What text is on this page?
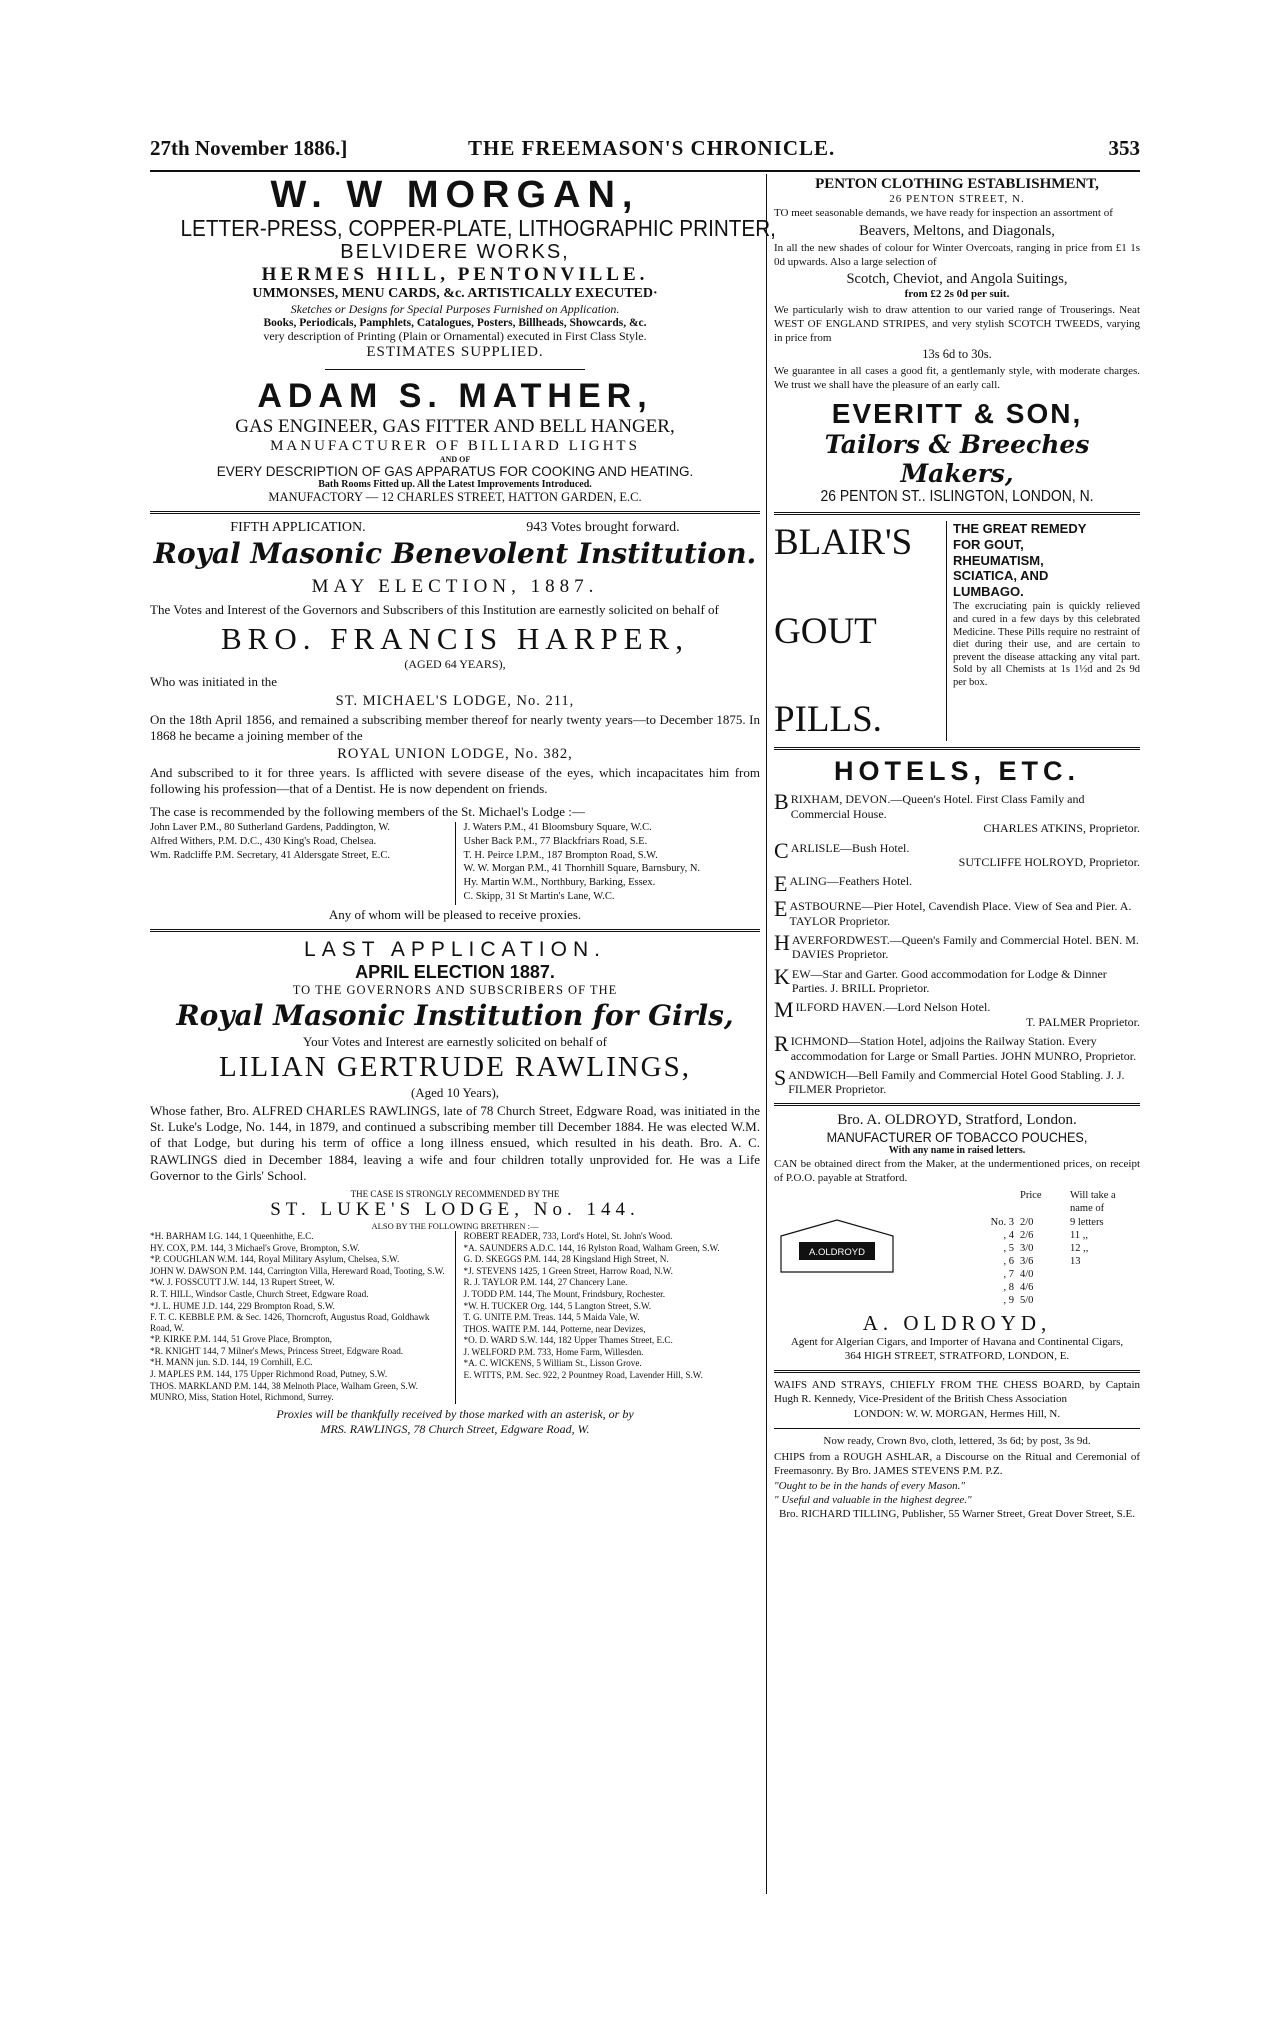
27th November 1886.]	THE FREEMASON'S CHRONICLE.	353
W. W MORGAN,
LETTER-PRESS, COPPER-PLATE, LITHOGRAPHIC PRINTER,
BELVIDERE WORKS,
HERMES HILL, PENTONVILLE.
UMMONSES, MENU CARDS, &c. ARTISTICALLY EXECUTED·
Sketches or Designs for Special Purposes Furnished on Application.
Books, Periodicals, Pamphlets, Catalogues, Posters, Billheads, Showcards, &c.
very description of Printing (Plain or Ornamental) executed in First Class Style.
ESTIMATES SUPPLIED.
ADAM S. MATHER,
GAS ENGINEER, GAS FITTER AND BELL HANGER,
MANUFACTURER OF BILLIARD LIGHTS
AND OF
EVERY DESCRIPTION OF GAS APPARATUS FOR COOKING AND HEATING.
Bath Rooms Fitted up. All the Latest Improvements Introduced.
MANUFACTORY — 12 CHARLES STREET, HATTON GARDEN, E.C.
FIFTH APPLICATION.	943 Votes brought forward.
Royal Masonic Benevolent Institution.
MAY ELECTION, 1887.
The Votes and Interest of the Governors and Subscribers of this Institution are earnestly solicited on behalf of
BRO. FRANCIS HARPER,
(AGED 64 YEARS),
Who was initiated in the
ST. MICHAEL'S LODGE, No. 211,
On the 18th April 1856, and remained a subscribing member thereof for nearly twenty years—to December 1875. In 1868 he became a joining member of the
ROYAL UNION LODGE, No. 382,
And subscribed to it for three years. Is afflicted with severe disease of the eyes, which incapacitates him from following his profession—that of a Dentist. He is now dependent on friends.
The case is recommended by the following members of the St. Michael's Lodge :—
John Laver P.M., 80 Sutherland Gardens, Paddington, W.
Alfred Withers, P.M. D.C., 430 King's Road, Chelsea.
Wm. Radcliffe P.M. Secretary, 41 Aldersgate Street, E.C.
J. Waters P.M., 41 Bloomsbury Square, W.C.
Usher Back P.M., 77 Blackfriars Road, S.E.
T. H. Peirce I.P.M., 187 Brompton Road, S.W.
W. W. Morgan P.M., 41 Thornhill Square, Barnsbury, N.
Hy. Martin W.M., Northbury, Barking, Essex.
C. Skipp, 31 St Martin's Lane, W.C.
Any of whom will be pleased to receive proxies.
LAST APPLICATION.
APRIL ELECTION 1887.
TO THE GOVERNORS AND SUBSCRIBERS OF THE
Royal Masonic Institution for Girls,
Your Votes and Interest are earnestly solicited on behalf of
LILIAN GERTRUDE RAWLINGS,
(Aged 10 Years),
Whose father, Bro. ALFRED CHARLES RAWLINGS, late of 78 Church Street, Edgware Road, was initiated in the St. Luke's Lodge, No. 144, in 1879, and continued a subscribing member till December 1884. He was elected W.M. of that Lodge, but during his term of office a long illness ensued, which resulted in his death. Bro. A. C. RAWLINGS died in December 1884, leaving a wife and four children totally unprovided for. He was a Life Governor to the Girls' School.
THE CASE IS STRONGLY RECOMMENDED BY THE
ST. LUKE'S LODGE, No. 144.
ALSO BY THE FOLLOWING BRETHREN :—
*H. BARHAM I.G. 144, 1 Queenhithe, E.C.
HY. COX, P.M. 144, 3 Michael's Grove, Brompton, S.W.
*P. COUGHLAN W.M. 144, Royal Military Asylum, Chelsea, S.W.
JOHN W. DAWSON P.M. 144, Carrington Villa, Hereward Road, Tooting, S.W.
*W. J. FOSSCUTT J.W. 144, 13 Rupert Street, W.
R. T. HILL, Windsor Castle, Church Street, Edgware Road.
*J. L. HUME J.D. 144, 229 Brompton Road, S.W.
F. T. C. KEBBLE P.M. & Sec. 1426, Thorncroft, Augustus Road, Goldhawk Road, W.
*P. KIRKE P.M. 144, 51 Grove Place, Brompton,
*R. KNIGHT 144, 7 Milner's Mews, Princess Street, Edgware Road.
*H. MANN jun. S.D. 144, 19 Cornhill, E.C.
J. MAPLES P.M. 144, 175 Upper Richmond Road, Putney, S.W.
THOS. MARKLAND P.M. 144, 38 Melnoth Place, Walham Green, S.W.
MUNRO, Miss, Station Hotel, Richmond, Surrey.
ROBERT READER, 733, Lord's Hotel, St. John's Wood.
*A. SAUNDERS A.D.C. 144, 16 Rylston Road, Walham Green, S.W.
G. D. SKEGGS P.M. 144, 28 Kingsland High Street, N.
*J. STEVENS 1425, 1 Green Street, Harrow Road, N.W.
R. J. TAYLOR P.M. 144, 27 Chancery Lane.
J. TODD P.M. 144, The Mount, Frindsbury, Rochester.
*W. H. TUCKER Org. 144, 5 Langton Street, S.W.
T. G. UNITE P.M. Treas. 144, 5 Maida Vale, W.
THOS. WAITE P.M. 144, Potterne, near Devizes,
*O. D. WARD S.W. 144, 182 Upper Thames Street, E.C.
J. WELFORD P.M. 733, Home Farm, Willesden.
*A. C. WICKENS, 5 William St., Lisson Grove.
E. WITTS, P.M. Sec. 922, 2 Pountney Road, Lavender Hill, S.W.
Proxies will be thankfully received by those marked with an asterisk, or by
MRS. RAWLINGS, 78 Church Street, Edgware Road, W.
PENTON CLOTHING ESTABLISHMENT,
26 PENTON STREET, N.
TO meet seasonable demands, we have ready for inspection an assortment of
Beavers, Meltons, and Diagonals,
In all the new shades of colour for Winter Overcoats, ranging in price from £1 1s 0d upwards. Also a large selection of
Scotch, Cheviot, and Angola Suitings,
from £2 2s 0d per suit.
We particularly wish to draw attention to our varied range of Trouserings. Neat WEST OF ENGLAND STRIPES, and very stylish SCOTCH TWEEDS, varying in price from
13s 6d to 30s.
We guarantee in all cases a good fit, a gentlemanly style, with moderate charges. We trust we shall have the pleasure of an early call.
EVERITT & SON,
Tailors & Breeches Makers,
26 PENTON ST.. ISLINGTON, LONDON, N.
BLAIR'S
GOUT
PILLS.
THE GREAT REMEDY
FOR GOUT,
RHEUMATISM,
SCIATICA, AND
LUMBAGO.
The excruciating pain is quickly relieved and cured in a few days by this celebrated Medicine. These Pills require no restraint of diet during their use, and are certain to prevent the disease attacking any vital part. Sold by all Chemists at 1s 1½d and 2s 9d per box.
HOTELS, ETC.
BRIXHAM, DEVON.—Queen's Hotel. First Class Family and Commercial House.
CHARLES ATKINS, Proprietor.
CARLISLE—Bush Hotel.
SUTCLIFFE HOLROYD, Proprietor.
EALING—Feathers Hotel.
EASTBOURNE—Pier Hotel, Cavendish Place. View of Sea and Pier. A. TAYLOR Proprietor.
HAVERFORDWEST.—Queen's Family and Commercial Hotel. BEN. M. DAVIES Proprietor.
KEW—Star and Garter. Good accommodation for Lodge & Dinner Parties. J. BRILL Proprietor.
MILFORD HAVEN.—Lord Nelson Hotel.
T. PALMER Proprietor.
RICHMOND—Station Hotel, adjoins the Railway Station. Every accommodation for Large or Small Parties. JOHN MUNRO, Proprietor.
SANDWICH—Bell Family and Commercial Hotel Good Stabling. J. J. FILMER Proprietor.
Bro. A. OLDROYD, Stratford, London.
MANUFACTURER OF TOBACCO POUCHES,
With any name in raised letters.
CAN be obtained direct from the Maker, at the undermentioned prices, on receipt of P.O.O. payable at Stratford.
A.OLDROYD
Price	Will take a name of
No. 3 2/0	9 letters
, 4 2/6	11 ,,
, 5 3/0	12 ,,
, 6 3/6	13
, 7 4/0
, 8 4/6
, 9 5/0
A. OLDROYD,
Agent for Algerian Cigars, and Importer of Havana and Continental Cigars,
364 HIGH STREET, STRATFORD, LONDON, E.
WAIFS AND STRAYS, CHIEFLY FROM THE CHESS BOARD, by Captain Hugh R. Kennedy, Vice-President of the British Chess Association
LONDON: W. W. MORGAN, Hermes Hill, N.
Now ready, Crown 8vo, cloth, lettered, 3s 6d; by post, 3s 9d.
CHIPS from a ROUGH ASHLAR, a Discourse on the Ritual and Ceremonial of Freemasonry. By Bro. JAMES STEVENS P.M. P.Z.
"Ought to be in the hands of every Mason."
" Useful and valuable in the highest degree."
Bro. RICHARD TILLING, Publisher, 55 Warner Street, Great Dover Street, S.E.
